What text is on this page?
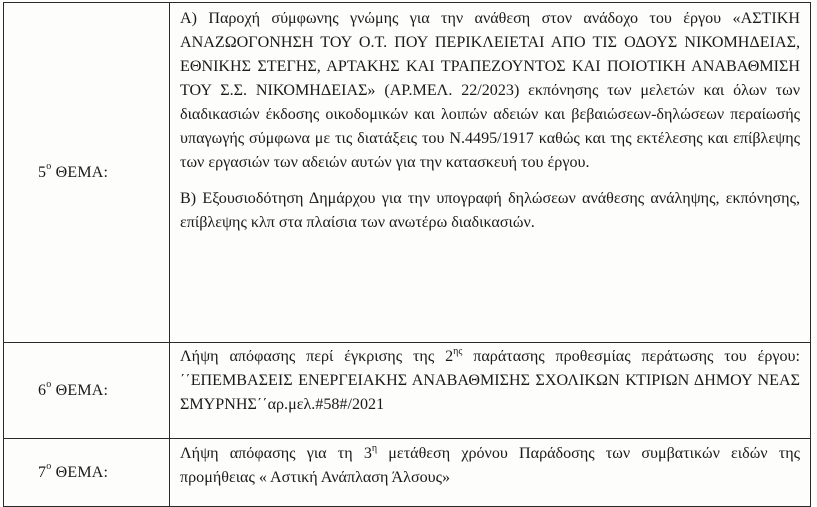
$5^o$ ΘΕΜΑ:	Α) Παροχή σύμφωνης γνώμης για την ανάθεση στον ανάδοχο του έργου «ΑΣΤΙΚΗ ΑΝΑΖΩΟΓΟΝΗΣΗ ΤΟΥ Ο.Τ. ΠΟΥ ΠΕΡΙΚΛΕΙΕΤΑΙ ΑΠΟ ΤΙΣ ΟΔΟΥΣ ΝΙΚΟΜΗΔΕΙΑΣ, ΕΘΝΙΚΗΣ ΣΤΕΓΗΣ, ΑΡΤΑΚΗΣ ΚΑΙ ΤΡΑΠΕΖΟΥΝΤΟΣ ΚΑΙ ΠΟΙΟΤΙΚΗ ΑΝΑΒΑΘΜΙΣΗ ΤΟΥ Σ.Σ. ΝΙΚΟΜΗΔΕΙΑΣ» (ΑΡ.ΜΕΛ. 22/2023) εκπόνησης των μελετών και όλων των διαδικασιών έκδοσης οικοδομικών και λοιπών αδειών και βεβαιώσεων-δηλώσεων περαίωσής υπαγωγής σύμφωνα με τις διατάξεις του Ν.4495/1917 καθώς και της εκτέλεσης και επίβλεψης των εργασιών των αδειών αυτών για την κατασκευή του έργου.

Β) Εξουσιοδότηση Δημάρχου για την υπογραφή δηλώσεων ανάθεσης ανάληψης, εκπόνησης, επίβλεψης κλπ στα πλαίσια των ανωτέρω διαδικασιών.

$6^o$ ΘΕΜΑ:	Λήψη απόφασης περί έγκρισης της $2^{\eta\varsigma}$ παράτασης προθεσμίας περάτωσης του έργου: ΄΄ΕΠΕΜΒΑΣΕΙΣ ΕΝΕΡΓΕΙΑΚΗΣ ΑΝΑΒΑΘΜΙΣΗΣ ΣΧΟΛΙΚΩΝ ΚΤΙΡΙΩΝ ΔΗΜΟΥ ΝΕΑΣ ΣΜΥΡΝΗΣ΄΄αρ.μελ.#58#/2021

$7^o$ ΘΕΜΑ:	Λήψη απόφασης για τη $3^\eta$ μετάθεση χρόνου Παράδοσης των συμβατικών ειδών της προμήθειας « Αστική Ανάπλαση Άλσους»
